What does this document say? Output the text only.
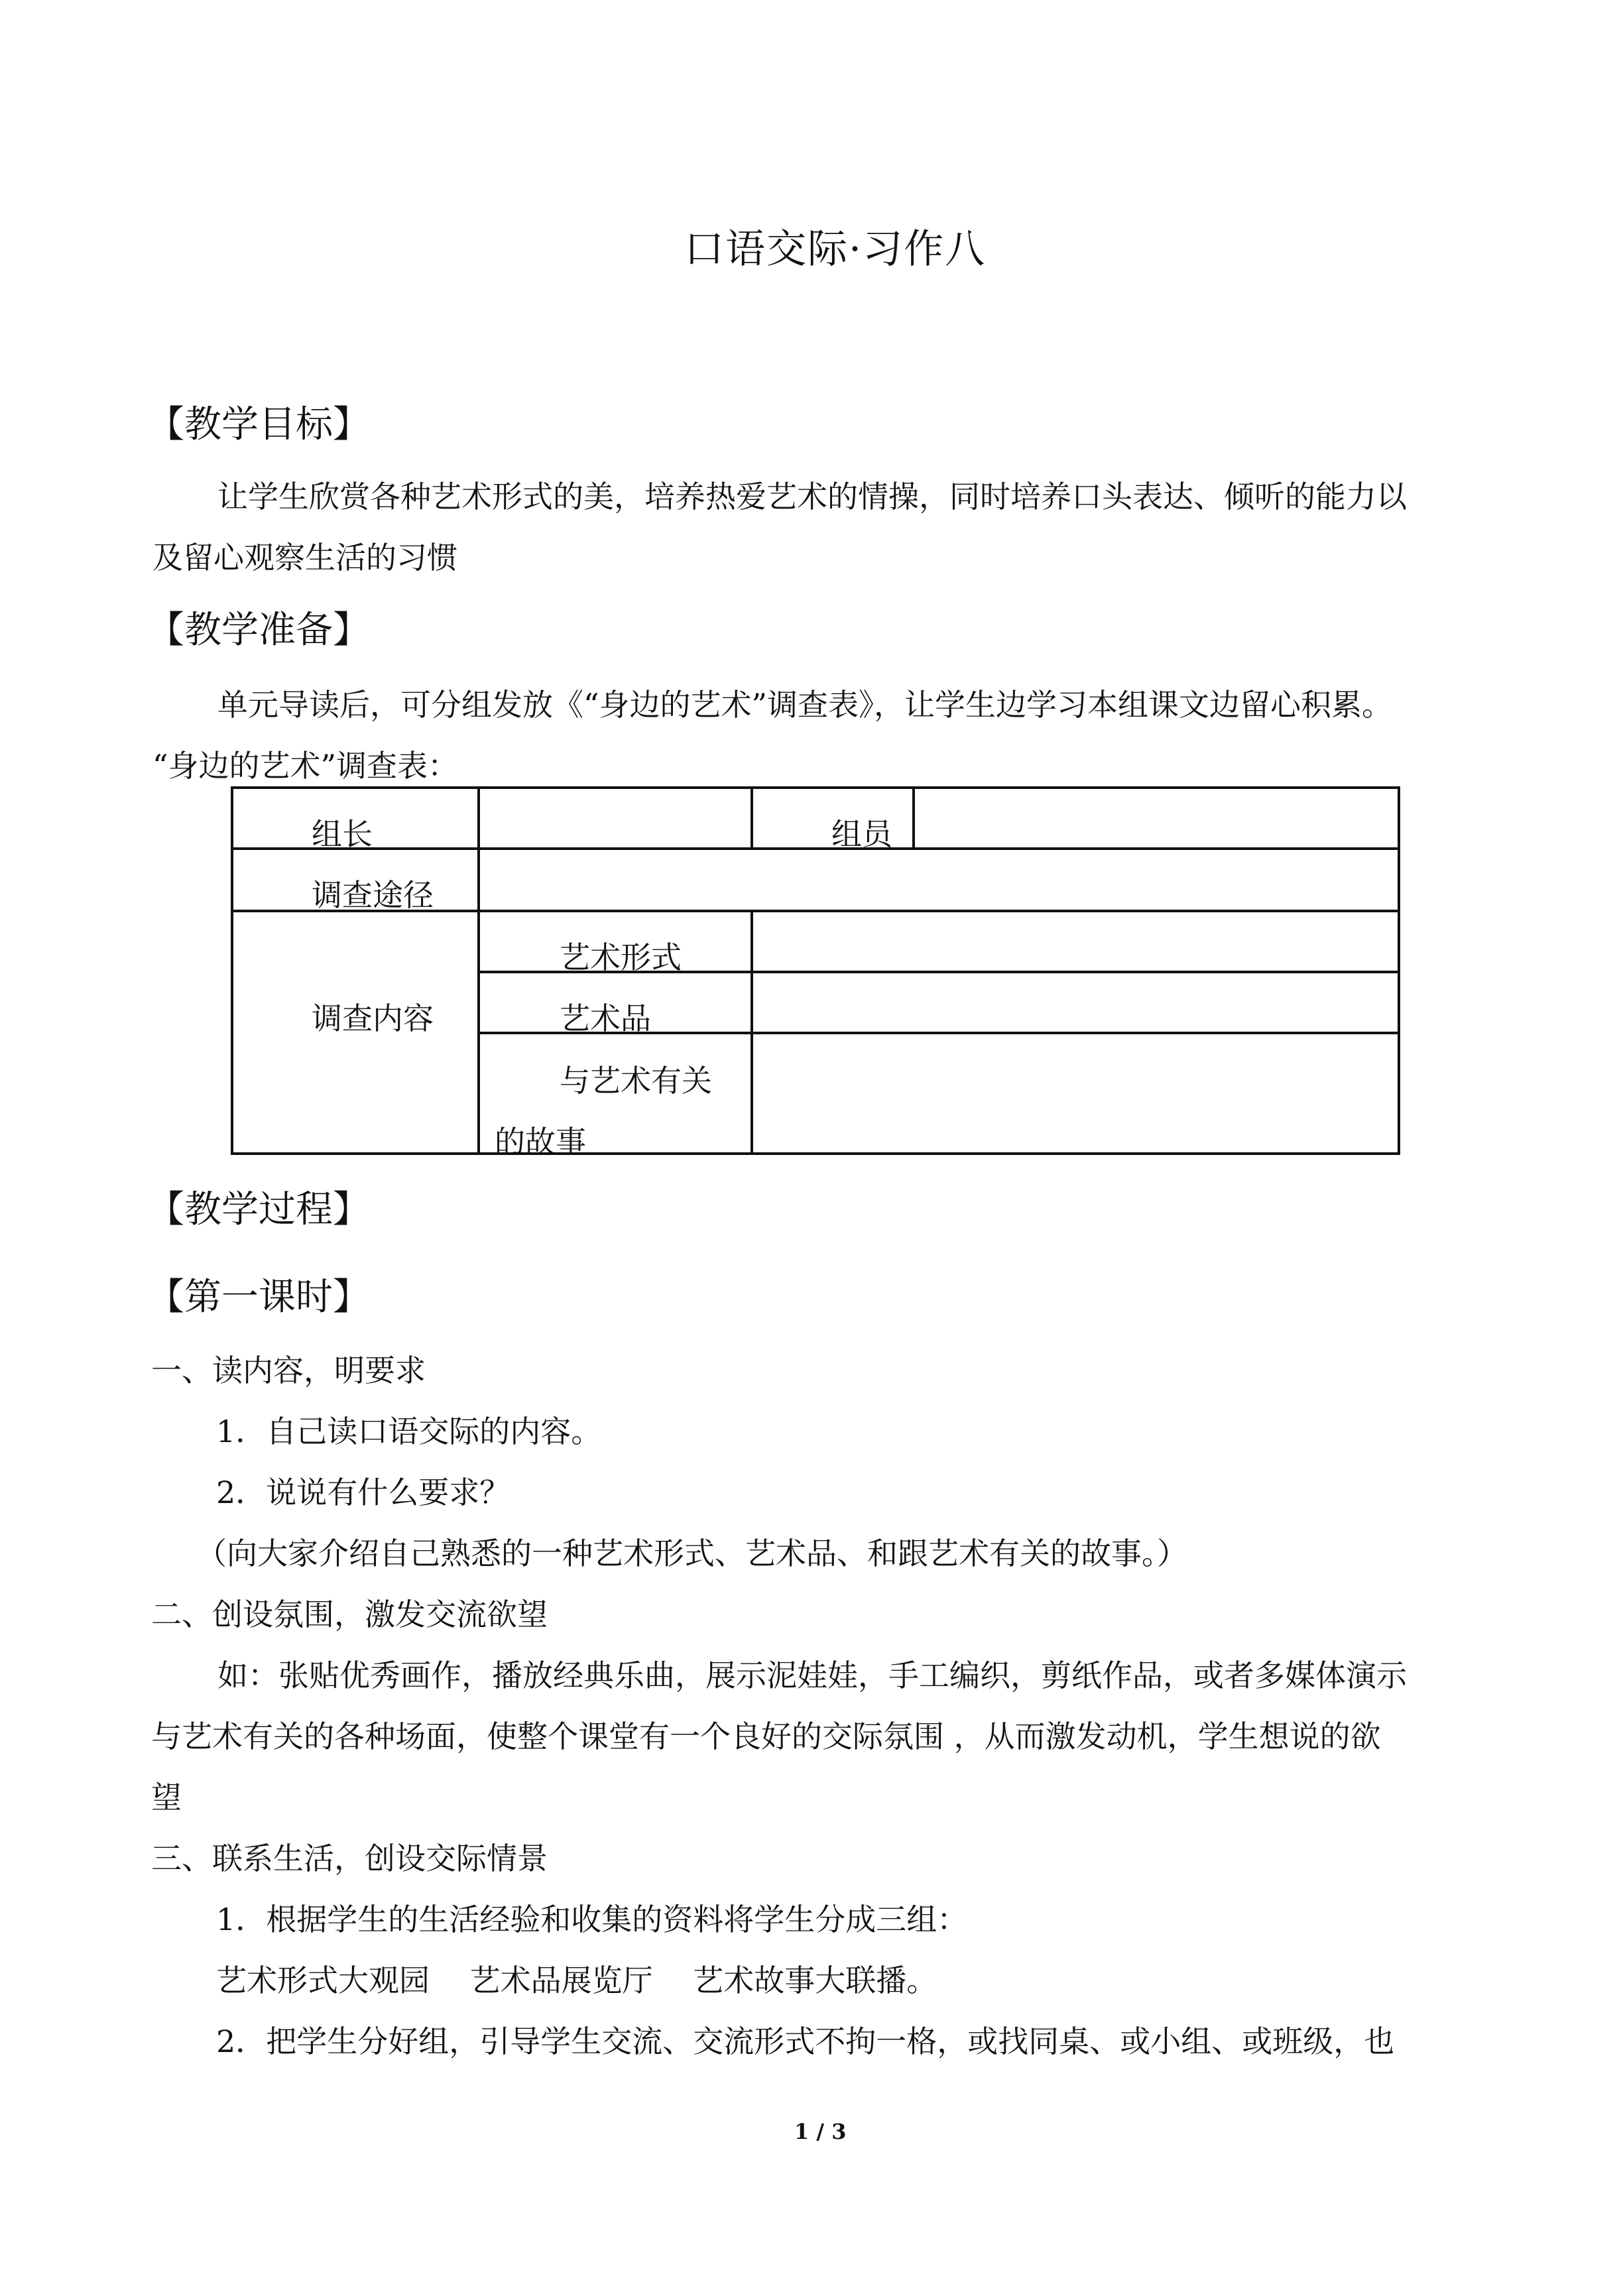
口语交际·习作八
【教学目标】
让学生欣赏各种艺术形式的美，培养热爱艺术的情操，同时培养口头表达、倾听的能力以
及留心观察生活的习惯
【教学准备】
单元导读后，可分组发放《“身边的艺术”调查表》，让学生边学习本组课文边留心积累。
“身边的艺术”调查表：
组长	组员
调查途径
调查内容
艺术形式
艺术品
与艺术有关
的故事
【教学过程】
【第一课时】
一、读内容，明要求
1．自己读口语交际的内容。
2．说说有什么要求？
（向大家介绍自己熟悉的一种艺术形式、艺术品、和跟艺术有关的故事。）
二、创设氛围，激发交流欲望
如：张贴优秀画作，播放经典乐曲，展示泥娃娃，手工编织，剪纸作品，或者多媒体演示
与艺术有关的各种场面，使整个课堂有一个良好的交际氛围 ，从而激发动机，学生想说的欲
望
三、联系生活，创设交际情景
1．根据学生的生活经验和收集的资料将学生分成三组：
艺术形式大观园　 艺术品展览厅　 艺术故事大联播。
2．把学生分好组，引导学生交流、交流形式不拘一格，或找同桌、或小组、或班级，也
1 / 3
